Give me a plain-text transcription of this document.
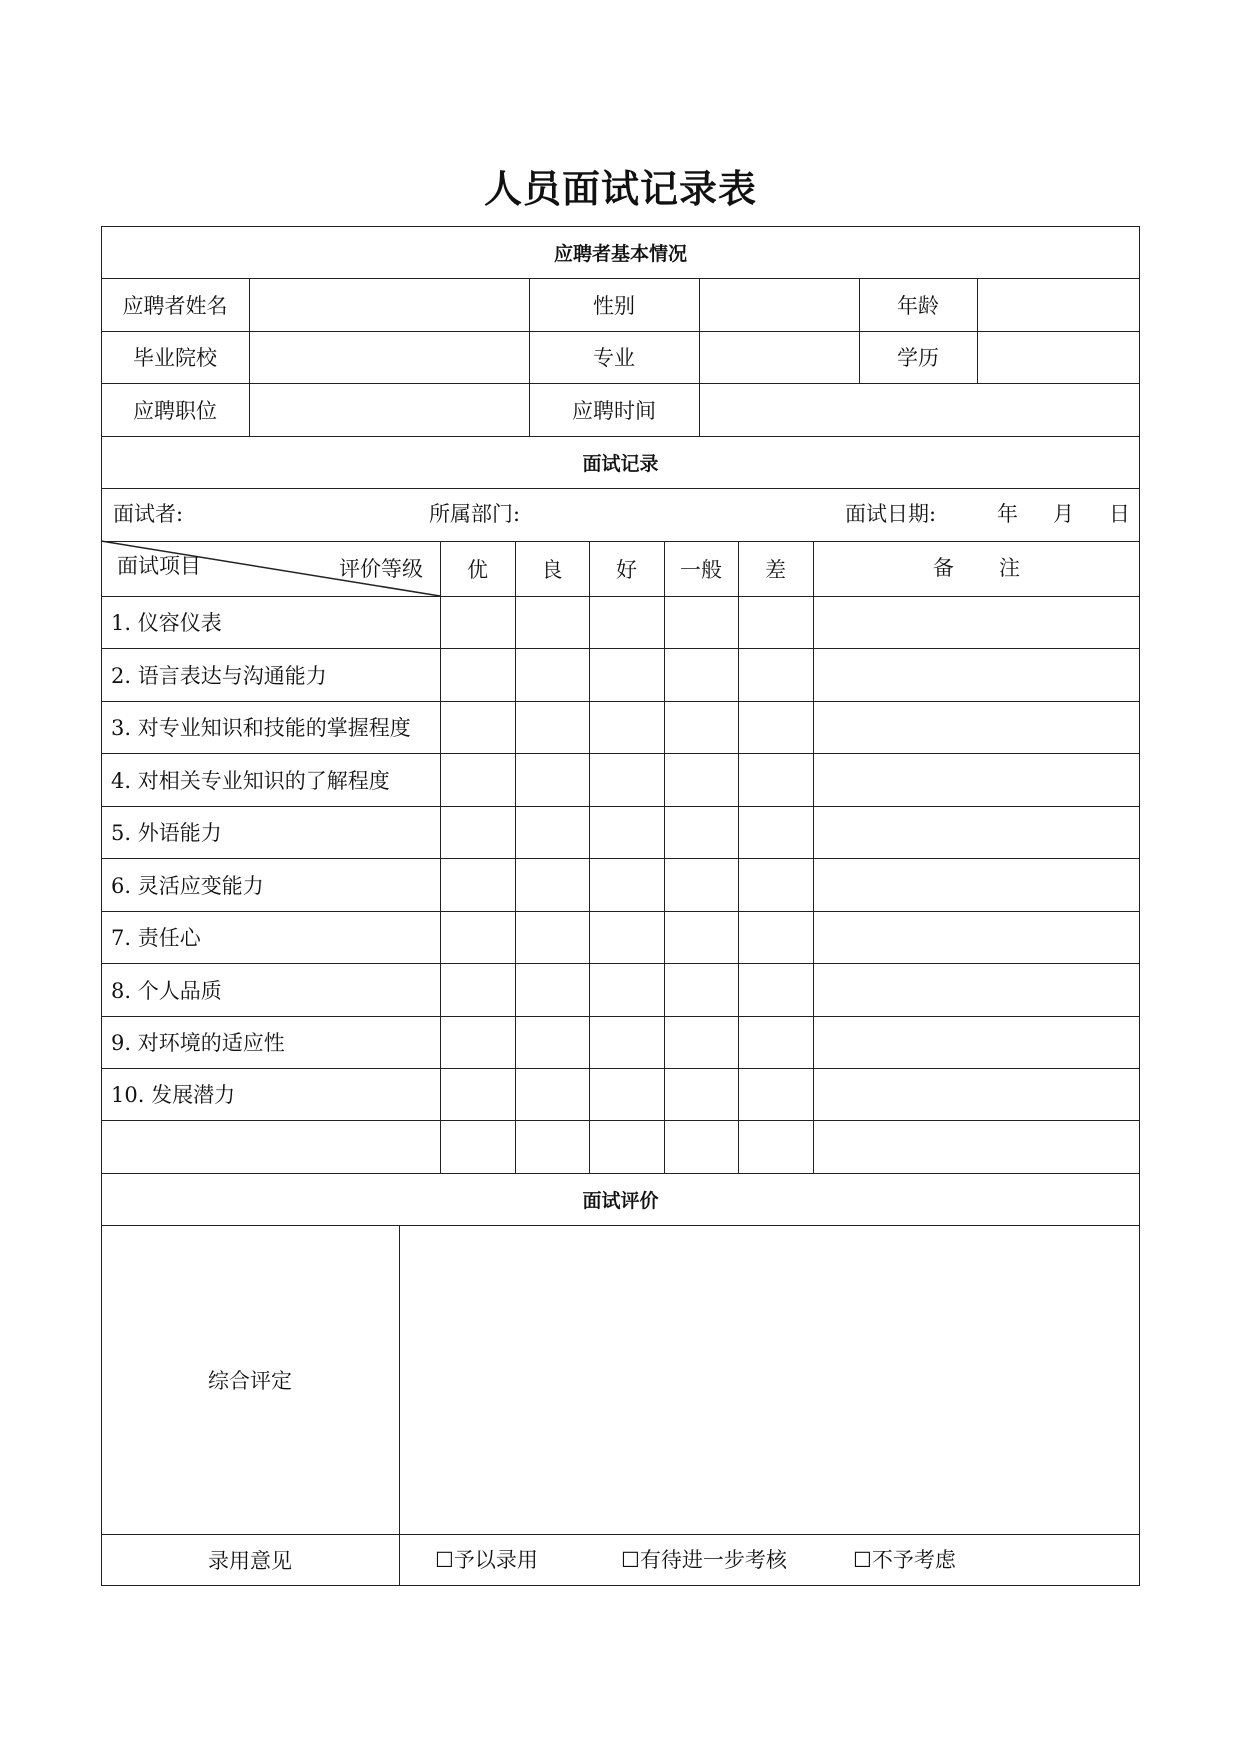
人员面试记录表
应聘者基本情况
应聘者姓名	性别	年龄
毕业院校	专业	学历
应聘职位	应聘时间
面试记录
面试者:	所属部门:	面试日期:	年 月 日
面试项目	评价等级	优	良	好	一般	差	备 注
1. 仪容仪表
2. 语言表达与沟通能力
3. 对专业知识和技能的掌握程度
4. 对相关专业知识的了解程度
5. 外语能力
6. 灵活应变能力
7. 责任心
8. 个人品质
9. 对环境的适应性
10. 发展潜力
面试评价
综合评定
录用意见	☐予以录用	☐有待进一步考核	☐不予考虑
